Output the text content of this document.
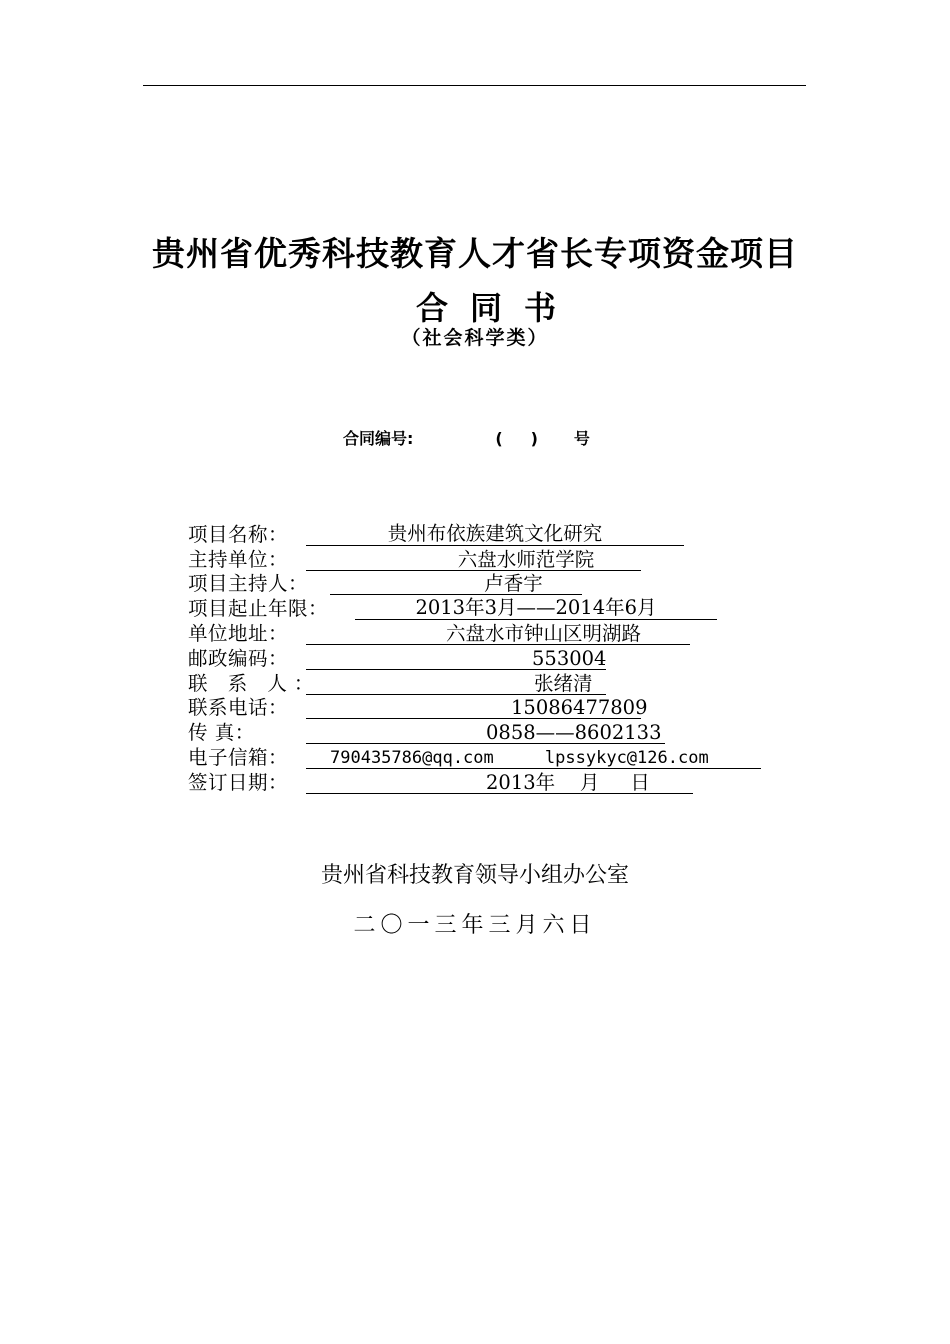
贵州省优秀科技教育人才省长专项资金项目
合同书
（社会科学类）
合同编号:	(     ) 号
项目名称：	贵州布依族建筑文化研究
主持单位：	六盘水师范学院
项目主持人：	卢香宇
项目起止年限：	2013年3月——2014年6月
单位地址：	六盘水市钟山区明湖路
邮政编码：	553004
联 系 人：	张绪清
联系电话：	15086477809
传 真：	0858——8602133
电子信箱：	790435786@qq.com     lpssykyc@126.com
签订日期：	2013年    月     日
贵州省科技教育领导小组办公室
二〇一三年三月六日
